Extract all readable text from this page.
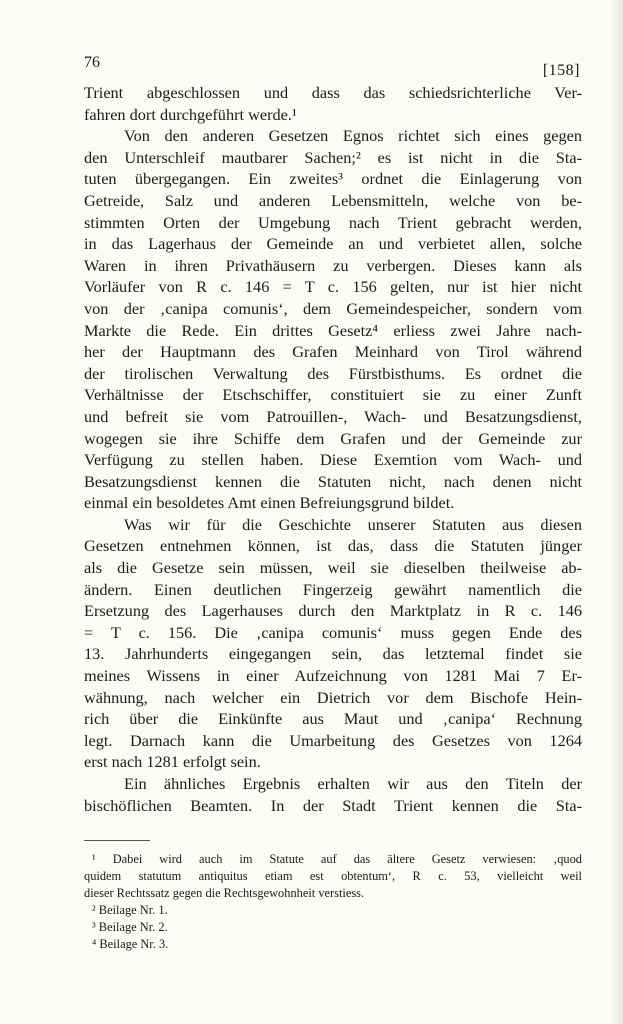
76	[158]
Trient abgeschlossen und dass das schiedsrichterliche Ver-
fahren dort durchgeführt werde.¹
Von den anderen Gesetzen Egnos richtet sich eines gegen
den Unterschleif mautbarer Sachen;² es ist nicht in die Sta-
tuten übergegangen. Ein zweites³ ordnet die Einlagerung von
Getreide, Salz und anderen Lebensmitteln, welche von be-
stimmten Orten der Umgebung nach Trient gebracht werden,
in das Lagerhaus der Gemeinde an und verbietet allen, solche
Waren in ihren Privathäusern zu verbergen. Dieses kann als
Vorläufer von R c. 146 = T c. 156 gelten, nur ist hier nicht
von der ‚canipa comunis‘, dem Gemeindespeicher, sondern vom
Markte die Rede. Ein drittes Gesetz⁴ erliess zwei Jahre nach-
her der Hauptmann des Grafen Meinhard von Tirol während
der tirolischen Verwaltung des Fürstbisthums. Es ordnet die
Verhältnisse der Etschschiffer, constituiert sie zu einer Zunft
und befreit sie vom Patrouillen-, Wach- und Besatzungsdienst,
wogegen sie ihre Schiffe dem Grafen und der Gemeinde zur
Verfügung zu stellen haben. Diese Exemtion vom Wach- und
Besatzungsdienst kennen die Statuten nicht, nach denen nicht
einmal ein besoldetes Amt einen Befreiungsgrund bildet.
Was wir für die Geschichte unserer Statuten aus diesen
Gesetzen entnehmen können, ist das, dass die Statuten jünger
als die Gesetze sein müssen, weil sie dieselben theilweise ab-
ändern. Einen deutlichen Fingerzeig gewährt namentlich die
Ersetzung des Lagerhauses durch den Marktplatz in R c. 146
= T c. 156. Die ‚canipa comunis‘ muss gegen Ende des
13. Jahrhunderts eingegangen sein, das letztemal findet sie
meines Wissens in einer Aufzeichnung von 1281 Mai 7 Er-
wähnung, nach welcher ein Dietrich vor dem Bischofe Hein-
rich über die Einkünfte aus Maut und ‚canipa‘ Rechnung
legt. Darnach kann die Umarbeitung des Gesetzes von 1264
erst nach 1281 erfolgt sein.
Ein ähnliches Ergebnis erhalten wir aus den Titeln der
bischöflichen Beamten. In der Stadt Trient kennen die Sta-
¹ Dabei wird auch im Statute auf das ältere Gesetz verwiesen: ‚quod
quidem statutum antiquitus etiam est obtentum‘, R c. 53, vielleicht weil
dieser Rechtssatz gegen die Rechtsgewohnheit verstiess.
² Beilage Nr. 1.
³ Beilage Nr. 2.
⁴ Beilage Nr. 3.
